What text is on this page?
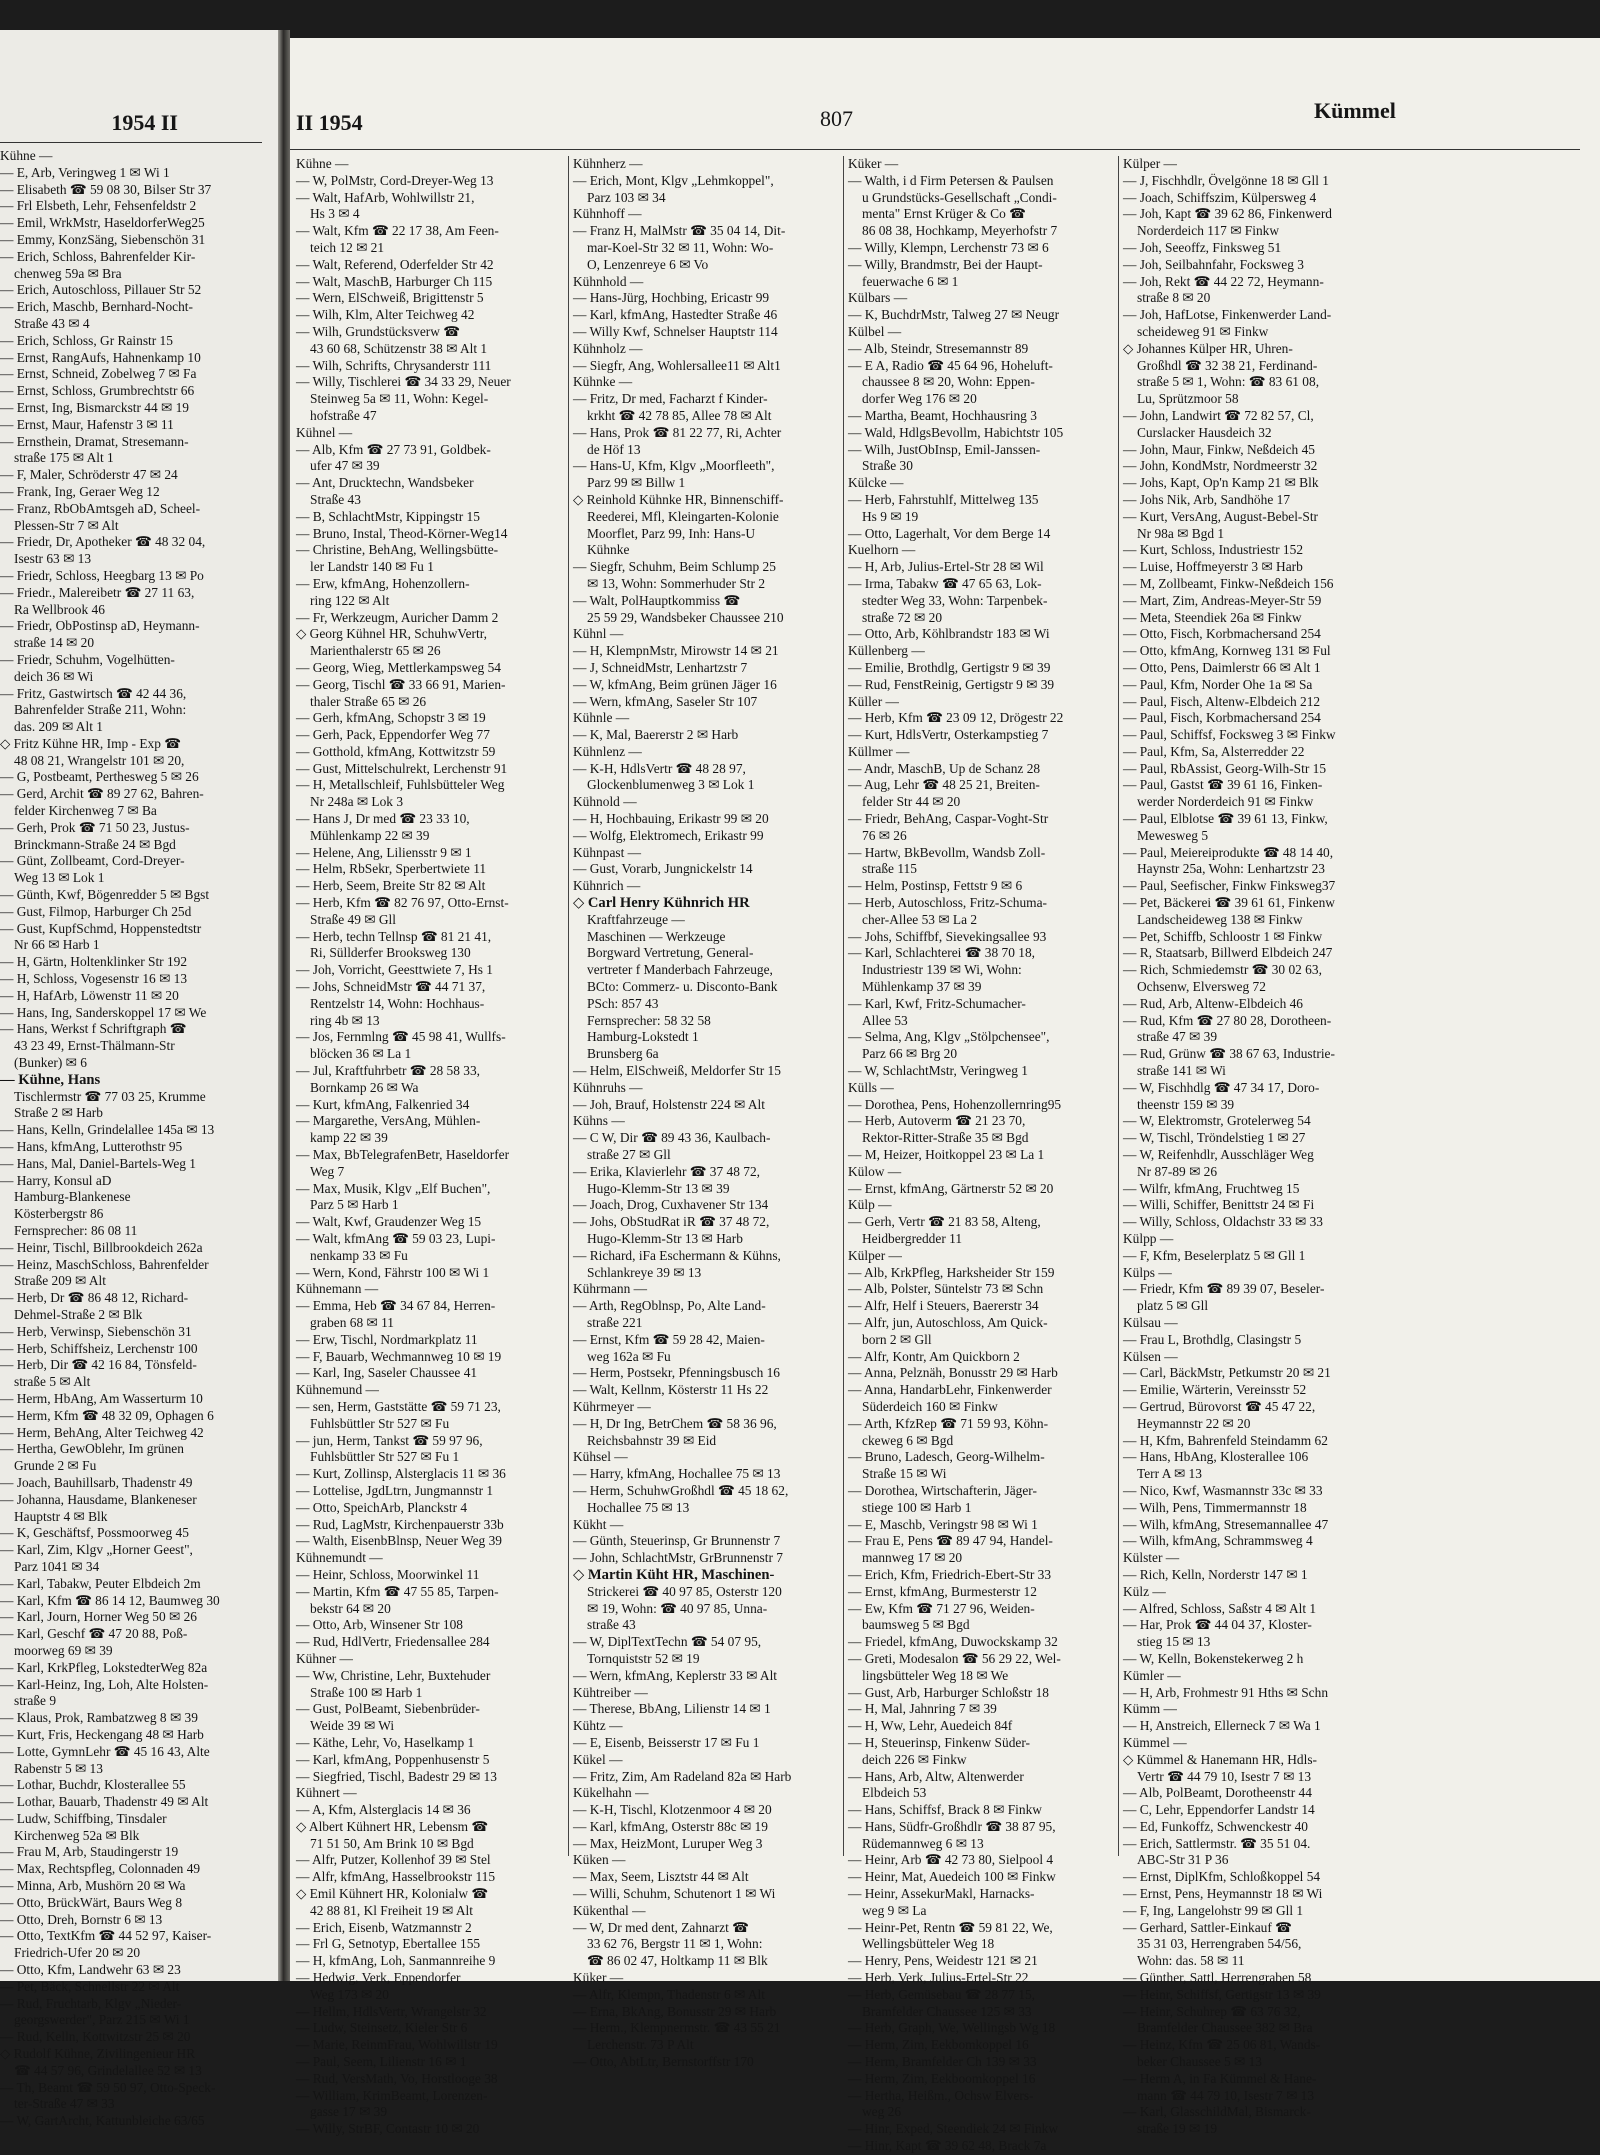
1954 II
Kühne —
— E, Arb, Veringweg 1 ✉ Wi 1
— Elisabeth ☎ 59 08 30, Bilser Str 37
— Frl Elsbeth, Lehr, Fehsenfeldstr 2
— Emil, WrkMstr, HaseldorferWeg25
— Emmy, KonzSäng, Siebenschön 31
— Erich, Schloss, Bahrenfelder Kir-
chenweg 59a ✉ Bra
— Erich, Autoschloss, Pillauer Str 52
— Erich, Maschb, Bernhard-Nocht-
Straße 43 ✉ 4
— Erich, Schloss, Gr Rainstr 15
— Ernst, RangAufs, Hahnenkamp 10
— Ernst, Schneid, Zobelweg 7 ✉ Fa
— Ernst, Schloss, Grumbrechtstr 66
— Ernst, Ing, Bismarckstr 44 ✉ 19
— Ernst, Maur, Hafenstr 3 ✉ 11
— Ernsthein, Dramat, Stresemann-
straße 175 ✉ Alt 1
— F, Maler, Schröderstr 47 ✉ 24
— Frank, Ing, Geraer Weg 12
— Franz, RbObAmtsgeh aD, Scheel-
Plessen-Str 7 ✉ Alt
— Friedr, Dr, Apotheker ☎ 48 32 04,
Isestr 63 ✉ 13
— Friedr, Schloss, Heegbarg 13 ✉ Po
— Friedr., Malereibetr ☎ 27 11 63,
Ra Wellbrook 46
— Friedr, ObPostinsp aD, Heymann-
straße 14 ✉ 20
— Friedr, Schuhm, Vogelhütten-
deich 36 ✉ Wi
— Fritz, Gastwirtsch ☎ 42 44 36,
Bahrenfelder Straße 211, Wohn:
das. 209 ✉ Alt 1
◇ Fritz Kühne HR, Imp - Exp ☎
48 08 21, Wrangelstr 101 ✉ 20,
— G, Postbeamt, Perthesweg 5 ✉ 26
— Gerd, Archit ☎ 89 27 62, Bahren-
felder Kirchenweg 7 ✉ Ba
— Gerh, Prok ☎ 71 50 23, Justus-
Brinckmann-Straße 24 ✉ Bgd
— Günt, Zollbeamt, Cord-Dreyer-
Weg 13 ✉ Lok 1
— Günth, Kwf, Bögenredder 5 ✉ Bgst
— Gust, Filmop, Harburger Ch 25d
— Gust, KupfSchmd, Hoppenstedtstr
Nr 66 ✉ Harb 1
— H, Gärtn, Holtenklinker Str 192
— H, Schloss, Vogesenstr 16 ✉ 13
— H, HafArb, Löwenstr 11 ✉ 20
— Hans, Ing, Sanderskoppel 17 ✉ We
— Hans, Werkst f Schriftgraph ☎
43 23 49, Ernst-Thälmann-Str
(Bunker) ✉ 6
— Kühne, Hans
Tischlermstr ☎ 77 03 25, Krumme
Straße 2 ✉ Harb
— Hans, Kelln, Grindelallee 145a ✉ 13
— Hans, kfmAng, Lutterothstr 95
— Hans, Mal, Daniel-Bartels-Weg 1
— Harry, Konsul aD
Hamburg-Blankenese
Kösterbergstr 86
Fernsprecher: 86 08 11
— Heinr, Tischl, Billbrookdeich 262a
— Heinz, MaschSchloss, Bahrenfelder
Straße 209 ✉ Alt
— Herb, Dr ☎ 86 48 12, Richard-
Dehmel-Straße 2 ✉ Blk
— Herb, Verwinsp, Siebenschön 31
— Herb, Schiffsheiz, Lerchenstr 100
— Herb, Dir ☎ 42 16 84, Tönsfeld-
straße 5 ✉ Alt
— Herm, HbAng, Am Wasserturm 10
— Herm, Kfm ☎ 48 32 09, Ophagen 6
— Herm, BehAng, Alter Teichweg 42
— Hertha, GewOblehr, Im grünen
Grunde 2 ✉ Fu
— Joach, Bauhillsarb, Thadenstr 49
— Johanna, Hausdame, Blankeneser
Hauptstr 4 ✉ Blk
— K, Geschäftsf, Possmoorweg 45
— Karl, Zim, Klgv „Horner Geest",
Parz 1041 ✉ 34
— Karl, Tabakw, Peuter Elbdeich 2m
— Karl, Kfm ☎ 86 14 12, Baumweg 30
— Karl, Journ, Horner Weg 50 ✉ 26
— Karl, Geschf ☎ 47 20 88, Poß-
moorweg 69 ✉ 39
— Karl, KrkPfleg, LokstedterWeg 82a
— Karl-Heinz, Ing, Loh, Alte Holsten-
straße 9
— Klaus, Prok, Rambatzweg 8 ✉ 39
— Kurt, Fris, Heckengang 48 ✉ Harb
— Lotte, GymnLehr ☎ 45 16 43, Alte
Rabenstr 5 ✉ 13
— Lothar, Buchdr, Klosterallee 55
— Lothar, Bauarb, Thadenstr 49 ✉ Alt
— Ludw, Schiffbing, Tinsdaler
Kirchenweg 52a ✉ Blk
— Frau M, Arb, Staudingerstr 19
— Max, Rechtspfleg, Colonnaden 49
— Minna, Arb, Mushörn 20 ✉ Wa
— Otto, BrückWärt, Baurs Weg 8
— Otto, Dreh, Bornstr 6 ✉ 13
— Otto, TextKfm ☎ 44 52 97, Kaiser-
Friedrich-Ufer 20 ✉ 20
— Otto, Kfm, Landwehr 63 ✉ 23
— Pet, Bäck, Schnellstr 22 ✉ Alt
— Rud, Fruchtarb, Klgv „Nieder-
georgswerder", Parz 215 ✉ Wi 1
— Rud, Kelln, Kottwitzstr 25 ✉ 20
◇ Rudolf Kühne, Zivilingenieur HR
☎ 44 57 96, Grindelallee 52 ✉ 13
— Th, Beamt ☎ 59 50 97, Otto-Speck-
ter-Straße 47 ✉ 33
— W, GartArcht, Kattunbleiche 63/65
II 1954	807	Kümmel
Kühne —
— W, PolMstr, Cord-Dreyer-Weg 13
— Walt, HafArb, Wohlwillstr 21,
Hs 3 ✉ 4
— Walt, Kfm ☎ 22 17 38, Am Feen-
teich 12 ✉ 21
— Walt, Referend, Oderfelder Str 42
— Walt, MaschB, Harburger Ch 115
— Wern, ElSchweiß, Brigittenstr 5
— Wilh, Klm, Alter Teichweg 42
— Wilh, Grundstücksverw ☎
43 60 68, Schützenstr 38 ✉ Alt 1
— Wilh, Schrifts, Chrysanderstr 111
— Willy, Tischlerei ☎ 34 33 29, Neuer
Steinweg 5a ✉ 11, Wohn: Kegel-
hofstraße 47
Kühnel —
— Alb, Kfm ☎ 27 73 91, Goldbek-
ufer 47 ✉ 39
— Ant, Drucktechn, Wandsbeker
Straße 43
— B, SchlachtMstr, Kippingstr 15
— Bruno, Instal, Theod-Körner-Weg14
— Christine, BehAng, Wellingsbütte-
ler Landstr 140 ✉ Fu 1
— Erw, kfmAng, Hohenzollern-
ring 122 ✉ Alt
— Fr, Werkzeugm, Auricher Damm 2
◇ Georg Kühnel HR, SchuhwVertr,
Marienthalerstr 65 ✉ 26
— Georg, Wieg, Mettlerkampsweg 54
— Georg, Tischl ☎ 33 66 91, Marien-
thaler Straße 65 ✉ 26
— Gerh, kfmAng, Schopstr 3 ✉ 19
— Gerh, Pack, Eppendorfer Weg 77
— Gotthold, kfmAng, Kottwitzstr 59
— Gust, Mittelschulrekt, Lerchenstr 91
— H, Metallschleif, Fuhlsbütteler Weg
Nr 248a ✉ Lok 3
— Hans J, Dr med ☎ 23 33 10,
Mühlenkamp 22 ✉ 39
— Helene, Ang, Liliensstr 9 ✉ 1
— Helm, RbSekr, Sperbertwiete 11
— Herb, Seem, Breite Str 82 ✉ Alt
— Herb, Kfm ☎ 82 76 97, Otto-Ernst-
Straße 49 ✉ Gll
— Herb, techn Tellnsp ☎ 81 21 41,
Ri, Süllderfer Brooksweg 130
— Joh, Vorricht, Geesttwiete 7, Hs 1
— Johs, SchneidMstr ☎ 44 71 37,
Rentzelstr 14, Wohn: Hochhaus-
ring 4b ✉ 13
— Jos, Fernmlng ☎ 45 98 41, Wullfs-
blöcken 36 ✉ La 1
— Jul, Kraftfuhrbetr ☎ 28 58 33,
Bornkamp 26 ✉ Wa
— Kurt, kfmAng, Falkenried 34
— Margarethe, VersAng, Mühlen-
kamp 22 ✉ 39
— Max, BbTelegrafenBetr, Haseldorfer
Weg 7
— Max, Musik, Klgv „Elf Buchen",
Parz 5 ✉ Harb 1
— Walt, Kwf, Graudenzer Weg 15
— Walt, kfmAng ☎ 59 03 23, Lupi-
nenkamp 33 ✉ Fu
— Wern, Kond, Fährstr 100 ✉ Wi 1
Kühnemann —
— Emma, Heb ☎ 34 67 84, Herren-
graben 68 ✉ 11
— Erw, Tischl, Nordmarkplatz 11
— F, Bauarb, Wechmannweg 10 ✉ 19
— Karl, Ing, Saseler Chaussee 41
Kühnemund —
— sen, Herm, Gaststätte ☎ 59 71 23,
Fuhlsbüttler Str 527 ✉ Fu
— jun, Herm, Tankst ☎ 59 97 96,
Fuhlsbüttler Str 527 ✉ Fu 1
— Kurt, Zollinsp, Alsterglacis 11 ✉ 36
— Lottelise, JgdLtrn, Jungmannstr 1
— Otto, SpeichArb, Planckstr 4
— Rud, LagMstr, Kirchenpauerstr 33b
— Walth, EisenbBlnsp, Neuer Weg 39
Kühnemundt —
— Heinr, Schloss, Moorwinkel 11
— Martin, Kfm ☎ 47 55 85, Tarpen-
bekstr 64 ✉ 20
— Otto, Arb, Winsener Str 108
— Rud, HdlVertr, Friedensallee 284
Kühner —
— Ww, Christine, Lehr, Buxtehuder
Straße 100 ✉ Harb 1
— Gust, PolBeamt, Siebenbrüder-
Weide 39 ✉ Wi
— Käthe, Lehr, Vo, Haselkamp 1
— Karl, kfmAng, Poppenhusenstr 5
— Siegfried, Tischl, Badestr 29 ✉ 13
Kühnert —
— A, Kfm, Alsterglacis 14 ✉ 36
◇ Albert Kühnert HR, Lebensm ☎
71 51 50, Am Brink 10 ✉ Bgd
— Alfr, Putzer, Kollenhof 39 ✉ Stel
— Alfr, kfmAng, Hasselbrookstr 115
◇ Emil Kühnert HR, Kolonialw ☎
42 88 81, Kl Freiheit 19 ✉ Alt
— Erich, Eisenb, Watzmannstr 2
— Frl G, Setnotyp, Ebertallee 155
— H, kfmAng, Loh, Sanmannreihe 9
— Hedwig, Verk, Eppendorfer
Weg 173 ✉ 20
— Hellm, HdlsVertr, Wrangelstr 32
— Ludw, Steinsetz, Kieler Str 6
— Marie, ReinmFrau, Wohlwillstr 19
— Paul, Seem, Lilienstr 16 ✉ 1
— Rud, VersMath, Vo, Horstlooge 38
— William, KrimBeamt, Lorenzen-
gasse 17 ✉ 39
— Willy, StrBF, Contastr 10 ✉ 20
Kühnherz —
— Erich, Mont, Klgv „Lehmkoppel",
Parz 103 ✉ 34
Kühnhoff —
— Franz H, MalMstr ☎ 35 04 14, Dit-
mar-Koel-Str 32 ✉ 11, Wohn: Wo-
O, Lenzenreye 6 ✉ Vo
Kühnhold —
— Hans-Jürg, Hochbing, Ericastr 99
— Karl, kfmAng, Hastedter Straße 46
— Willy Kwf, Schnelser Hauptstr 114
Kühnholz —
— Siegfr, Ang, Wohlersallee11 ✉ Alt1
Kühnke —
— Fritz, Dr med, Facharzt f Kinder-
krkht ☎ 42 78 85, Allee 78 ✉ Alt
— Hans, Prok ☎ 81 22 77, Ri, Achter
de Höf 13
— Hans-U, Kfm, Klgv „Moorfleeth",
Parz 99 ✉ Billw 1
◇ Reinhold Kühnke HR, Binnenschiff-
Reederei, Mfl, Kleingarten-Kolonie
Moorflet, Parz 99, Inh: Hans-U
Kühnke
— Siegfr, Schuhm, Beim Schlump 25
✉ 13, Wohn: Sommerhuder Str 2
— Walt, PolHauptkommiss ☎
25 59 29, Wandsbeker Chaussee 210
Kühnl —
— H, KlempnMstr, Mirowstr 14 ✉ 21
— J, SchneidMstr, Lenhartzstr 7
— W, kfmAng, Beim grünen Jäger 16
— Wern, kfmAng, Saseler Str 107
Kühnle —
— K, Mal, Baererstr 2 ✉ Harb
Kühnlenz —
— K-H, HdlsVertr ☎ 48 28 97,
Glockenblumenweg 3 ✉ Lok 1
Kühnold —
— H, Hochbauing, Erikastr 99 ✉ 20
— Wolfg, Elektromech, Erikastr 99
Kühnpast —
— Gust, Vorarb, Jungnickelstr 14
Kühnrich —
◇ Carl Henry Kühnrich HR
Kraftfahrzeuge —
Maschinen — Werkzeuge
Borgward Vertretung, General-
vertreter f Manderbach Fahrzeuge,
BCto: Commerz- u. Disconto-Bank
PSch: 857 43
Fernsprecher: 58 32 58
Hamburg-Lokstedt 1
Brunsberg 6a
— Helm, ElSchweiß, Meldorfer Str 15
Kühnruhs —
— Joh, Brauf, Holstenstr 224 ✉ Alt
Kühns —
— C W, Dir ☎ 89 43 36, Kaulbach-
straße 27 ✉ Gll
— Erika, Klavierlehr ☎ 37 48 72,
Hugo-Klemm-Str 13 ✉ 39
— Joach, Drog, Cuxhavener Str 134
— Johs, ObStudRat iR ☎ 37 48 72,
Hugo-Klemm-Str 13 ✉ Harb
— Richard, iFa Eschermann & Kühns,
Schlankreye 39 ✉ 13
Kührmann —
— Arth, RegOblnsp, Po, Alte Land-
straße 221
— Ernst, Kfm ☎ 59 28 42, Maien-
weg 162a ✉ Fu
— Herm, Postsekr, Pfenningsbusch 16
— Walt, Kellnm, Kösterstr 11 Hs 22
Kührmeyer —
— H, Dr Ing, BetrChem ☎ 58 36 96,
Reichsbahnstr 39 ✉ Eid
Kühsel —
— Harry, kfmAng, Hochallee 75 ✉ 13
— Herm, SchuhwGroßhdl ☎ 45 18 62,
Hochallee 75 ✉ 13
Kükht —
— Günth, Steuerinsp, Gr Brunnenstr 7
— John, SchlachtMstr, GrBrunnenstr 7
◇ Martin Küht HR, Maschinen-
Strickerei ☎ 40 97 85, Osterstr 120
✉ 19, Wohn: ☎ 40 97 85, Unna-
straße 43
— W, DiplTextTechn ☎ 54 07 95,
Tornquiststr 52 ✉ 19
— Wern, kfmAng, Keplerstr 33 ✉ Alt
Kühtreiber —
— Therese, BbAng, Lilienstr 14 ✉ 1
Kühtz —
— E, Eisenb, Beisserstr 17 ✉ Fu 1
Kükel —
— Fritz, Zim, Am Radeland 82a ✉ Harb
Kükelhahn —
— K-H, Tischl, Klotzenmoor 4 ✉ 20
— Karl, kfmAng, Osterstr 88c ✉ 19
— Max, HeizMont, Luruper Weg 3
Küken —
— Max, Seem, Lisztstr 44 ✉ Alt
— Willi, Schuhm, Schutenort 1 ✉ Wi
Kükenthal —
— W, Dr med dent, Zahnarzt ☎
33 62 76, Bergstr 11 ✉ 1, Wohn:
☎ 86 02 47, Holtkamp 11 ✉ Blk
Küker —
— Alfr, Klempn, Thadenstr 6 ✉ Alt
— Erna, BkAng, Bonusstr 29 ✉ Harb
— Herm., Klempnermstr. ☎ 43 55 21
Lerchenstr. 73 P Alt
— Otto, AbtLtr, Bernstorffstr 170
Küker —
— Walth, i d Firm Petersen & Paulsen
u Grundstücks-Gesellschaft „Condi-
menta" Ernst Krüger & Co ☎
86 08 38, Hochkamp, Meyerhofstr 7
— Willy, Klempn, Lerchenstr 73 ✉ 6
— Willy, Brandmstr, Bei der Haupt-
feuerwache 6 ✉ 1
Külbars —
— K, BuchdrMstr, Talweg 27 ✉ Neugr
Külbel —
— Alb, Steindr, Stresemannstr 89
— E A, Radio ☎ 45 64 96, Hoheluft-
chaussee 8 ✉ 20, Wohn: Eppen-
dorfer Weg 176 ✉ 20
— Martha, Beamt, Hochhausring 3
— Wald, HdlgsBevollm, Habichtstr 105
— Wilh, JustObInsp, Emil-Janssen-
Straße 30
Külcke —
— Herb, Fahrstuhlf, Mittelweg 135
Hs 9 ✉ 19
— Otto, Lagerhalt, Vor dem Berge 14
Kuelhorn —
— H, Arb, Julius-Ertel-Str 28 ✉ Wil
— Irma, Tabakw ☎ 47 65 63, Lok-
stedter Weg 33, Wohn: Tarpenbek-
straße 72 ✉ 20
— Otto, Arb, Köhlbrandstr 183 ✉ Wi
Küllenberg —
— Emilie, Brothdlg, Gertigstr 9 ✉ 39
— Rud, FenstReinig, Gertigstr 9 ✉ 39
Küller —
— Herb, Kfm ☎ 23 09 12, Drögestr 22
— Kurt, HdlsVertr, Osterkampstieg 7
Küllmer —
— Andr, MaschB, Up de Schanz 28
— Aug, Lehr ☎ 48 25 21, Breiten-
felder Str 44 ✉ 20
— Friedr, BehAng, Caspar-Voght-Str
76 ✉ 26
— Hartw, BkBevollm, Wandsb Zoll-
straße 115
— Helm, Postinsp, Fettstr 9 ✉ 6
— Herb, Autoschloss, Fritz-Schuma-
cher-Allee 53 ✉ La 2
— Johs, Schiffbf, Sievekingsallee 93
— Karl, Schlachterei ☎ 38 70 18,
Industriestr 139 ✉ Wi, Wohn:
Mühlenkamp 37 ✉ 39
— Karl, Kwf, Fritz-Schumacher-
Allee 53
— Selma, Ang, Klgv „Stölpchensee",
Parz 66 ✉ Brg 20
— W, SchlachtMstr, Veringweg 1
Külls —
— Dorothea, Pens, Hohenzollernring95
— Herb, Autoverm ☎ 21 23 70,
Rektor-Ritter-Straße 35 ✉ Bgd
— M, Heizer, Hoitkoppel 23 ✉ La 1
Külow —
— Ernst, kfmAng, Gärtnerstr 52 ✉ 20
Külp —
— Gerh, Vertr ☎ 21 83 58, Alteng,
Heidbergredder 11
Külper —
— Alb, KrkPfleg, Harksheider Str 159
— Alb, Polster, Süntelstr 73 ✉ Schn
— Alfr, Helf i Steuers, Baererstr 34
— Alfr, jun, Autoschloss, Am Quick-
born 2 ✉ Gll
— Alfr, Kontr, Am Quickborn 2
— Anna, Pelznäh, Bonusstr 29 ✉ Harb
— Anna, HandarbLehr, Finkenwerder
Süderdeich 160 ✉ Finkw
— Arth, KfzRep ☎ 71 59 93, Köhn-
ckeweg 6 ✉ Bgd
— Bruno, Ladesch, Georg-Wilhelm-
Straße 15 ✉ Wi
— Dorothea, Wirtschafterin, Jäger-
stiege 100 ✉ Harb 1
— E, Maschb, Veringstr 98 ✉ Wi 1
— Frau E, Pens ☎ 89 47 94, Handel-
mannweg 17 ✉ 20
— Erich, Kfm, Friedrich-Ebert-Str 33
— Ernst, kfmAng, Burmesterstr 12
— Ew, Kfm ☎ 71 27 96, Weiden-
baumsweg 5 ✉ Bgd
— Friedel, kfmAng, Duwockskamp 32
— Greti, Modesalon ☎ 56 29 22, Wel-
lingsbütteler Weg 18 ✉ We
— Gust, Arb, Harburger Schloßstr 18
— H, Mal, Jahnring 7 ✉ 39
— H, Ww, Lehr, Auedeich 84f
— H, Steuerinsp, Finkenw Süder-
deich 226 ✉ Finkw
— Hans, Arb, Altw, Altenwerder
Elbdeich 53
— Hans, Schiffsf, Brack 8 ✉ Finkw
— Hans, Südfr-Großhdlr ☎ 38 87 95,
Rüdemannweg 6 ✉ 13
— Heinr, Arb ☎ 42 73 80, Sielpool 4
— Heinr, Mat, Auedeich 100 ✉ Finkw
— Heinr, AssekurMakl, Harnacks-
weg 9 ✉ La
— Heinr-Pet, Rentn ☎ 59 81 22, We,
Wellingsbütteler Weg 18
— Henry, Pens, Weidestr 121 ✉ 21
— Herb, Verk, Julius-Ertel-Str 22
— Herb, Gemüsebau ☎ 28 77 15,
Bramfelder Chaussee 125 ✉ 33
— Herb, Graph, We, Wellingsb Wg 18
— Herm, Zim, Eekbomkoppel 16
— Herm, Bramfelder Ch 139 ✉ 33
— Herm, Zim, Eekboomkoppel 16
— Hertha, Heißm., Ochsw Elvers-
weg 26
— Hinr, Exped, Steendiek 24 ✉ Finkw
— Hinr, Kapt ☎ 39 62 48, Brack 7a
Külper —
— J, Fischhdlr, Övelgönne 18 ✉ Gll 1
— Joach, Schiffszim, Külpersweg 4
— Joh, Kapt ☎ 39 62 86, Finkenwerd
Norderdeich 117 ✉ Finkw
— Joh, Seeoffz, Finksweg 51
— Joh, Seilbahnfahr, Focksweg 3
— Joh, Rekt ☎ 44 22 72, Heymann-
straße 8 ✉ 20
— Joh, HafLotse, Finkenwerder Land-
scheideweg 91 ✉ Finkw
◇ Johannes Külper HR, Uhren-
Großhdl ☎ 32 38 21, Ferdinand-
straße 5 ✉ 1, Wohn: ☎ 83 61 08,
Lu, Sprützmoor 58
— John, Landwirt ☎ 72 82 57, Cl,
Curslacker Hausdeich 32
— John, Maur, Finkw, Neßdeich 45
— John, KondMstr, Nordmeerstr 32
— Johs, Kapt, Op'n Kamp 21 ✉ Blk
— Johs Nik, Arb, Sandhöhe 17
— Kurt, VersAng, August-Bebel-Str
Nr 98a ✉ Bgd 1
— Kurt, Schloss, Industriestr 152
— Luise, Hoffmeyerstr 3 ✉ Harb
— M, Zollbeamt, Finkw-Neßdeich 156
— Mart, Zim, Andreas-Meyer-Str 59
— Meta, Steendiek 26a ✉ Finkw
— Otto, Fisch, Korbmachersand 254
— Otto, kfmAng, Kornweg 131 ✉ Ful
— Otto, Pens, Daimlerstr 66 ✉ Alt 1
— Paul, Kfm, Norder Ohe 1a ✉ Sa
— Paul, Fisch, Altenw-Elbdeich 212
— Paul, Fisch, Korbmachersand 254
— Paul, Schiffsf, Focksweg 3 ✉ Finkw
— Paul, Kfm, Sa, Alsterredder 22
— Paul, RbAssist, Georg-Wilh-Str 15
— Paul, Gastst ☎ 39 61 16, Finken-
werder Norderdeich 91 ✉ Finkw
— Paul, Elblotse ☎ 39 61 13, Finkw,
Mewesweg 5
— Paul, Meiereiprodukte ☎ 48 14 40,
Haynstr 25a, Wohn: Lenhartzstr 23
— Paul, Seefischer, Finkw Finksweg37
— Pet, Bäckerei ☎ 39 61 61, Finkenw
Landscheideweg 138 ✉ Finkw
— Pet, Schiffb, Schloostr 1 ✉ Finkw
— R, Staatsarb, Billwerd Elbdeich 247
— Rich, Schmiedemstr ☎ 30 02 63,
Ochsenw, Elversweg 72
— Rud, Arb, Altenw-Elbdeich 46
— Rud, Kfm ☎ 27 80 28, Dorotheen-
straße 47 ✉ 39
— Rud, Grünw ☎ 38 67 63, Industrie-
straße 141 ✉ Wi
— W, Fischhdlg ☎ 47 34 17, Doro-
theenstr 159 ✉ 39
— W, Elektromstr, Grotelerweg 54
— W, Tischl, Tröndelstieg 1 ✉ 27
— W, Reifenhdlr, Ausschläger Weg
Nr 87-89 ✉ 26
— Wilfr, kfmAng, Fruchtweg 15
— Willi, Schiffer, Benittstr 24 ✉ Fi
— Willy, Schloss, Oldachstr 33 ✉ 33
Külpp —
— F, Kfm, Beselerplatz 5 ✉ Gll 1
Külps —
— Friedr, Kfm ☎ 89 39 07, Beseler-
platz 5 ✉ Gll
Külsau —
— Frau L, Brothdlg, Clasingstr 5
Külsen —
— Carl, BäckMstr, Petkumstr 20 ✉ 21
— Emilie, Wärterin, Vereinsstr 52
— Gertrud, Bürovorst ☎ 45 47 22,
Heymannstr 22 ✉ 20
— H, Kfm, Bahrenfeld Steindamm 62
— Hans, HbAng, Klosterallee 106
Terr A ✉ 13
— Nico, Kwf, Wasmannstr 33c ✉ 33
— Wilh, Pens, Timmermannstr 18
— Wilh, kfmAng, Stresemannallee 47
— Wilh, kfmAng, Schrammsweg 4
Külster —
— Rich, Kelln, Norderstr 147 ✉ 1
Külz —
— Alfred, Schloss, Saßstr 4 ✉ Alt 1
— Har, Prok ☎ 44 04 37, Kloster-
stieg 15 ✉ 13
— W, Kelln, Bokenstekerweg 2 h
Kümler —
— H, Arb, Frohmestr 91 Hths ✉ Schn
Kümm —
— H, Anstreich, Ellerneck 7 ✉ Wa 1
Kümmel —
◇ Kümmel & Hanemann HR, Hdls-
Vertr ☎ 44 79 10, Isestr 7 ✉ 13
— Alb, PolBeamt, Dorotheenstr 44
— C, Lehr, Eppendorfer Landstr 14
— Ed, Funkoffz, Schwenckestr 40
— Erich, Sattlermstr. ☎ 35 51 04.
ABC-Str 31 P 36
— Ernst, DiplKfm, Schloßkoppel 54
— Ernst, Pens, Heymannstr 18 ✉ Wi
— F, Ing, Langelohstr 99 ✉ Gll 1
— Gerhard, Sattler-Einkauf ☎
35 31 03, Herrengraben 54/56,
Wohn: das. 58 ✉ 11
— Günther, Sattl, Herrengraben 58
— Heinr, Schiffsf, Gertigstr 13 ✉ 39
— Heinr, Schuhrep ☎ 63 76 32,
Bramfelder Chaussee 382 ✉ Bra
— Heinz, Kfm ☎ 25 06 81, Wands-
beker Chaussee 5 ✉ 13
— Herm A, in Fa Kümmel & Hane-
mann ☎ 44 79 10, Isestr 7 ✉ 13
— Karl, GlasschildMal, Bismarck-
straße 19 ✉ 19
